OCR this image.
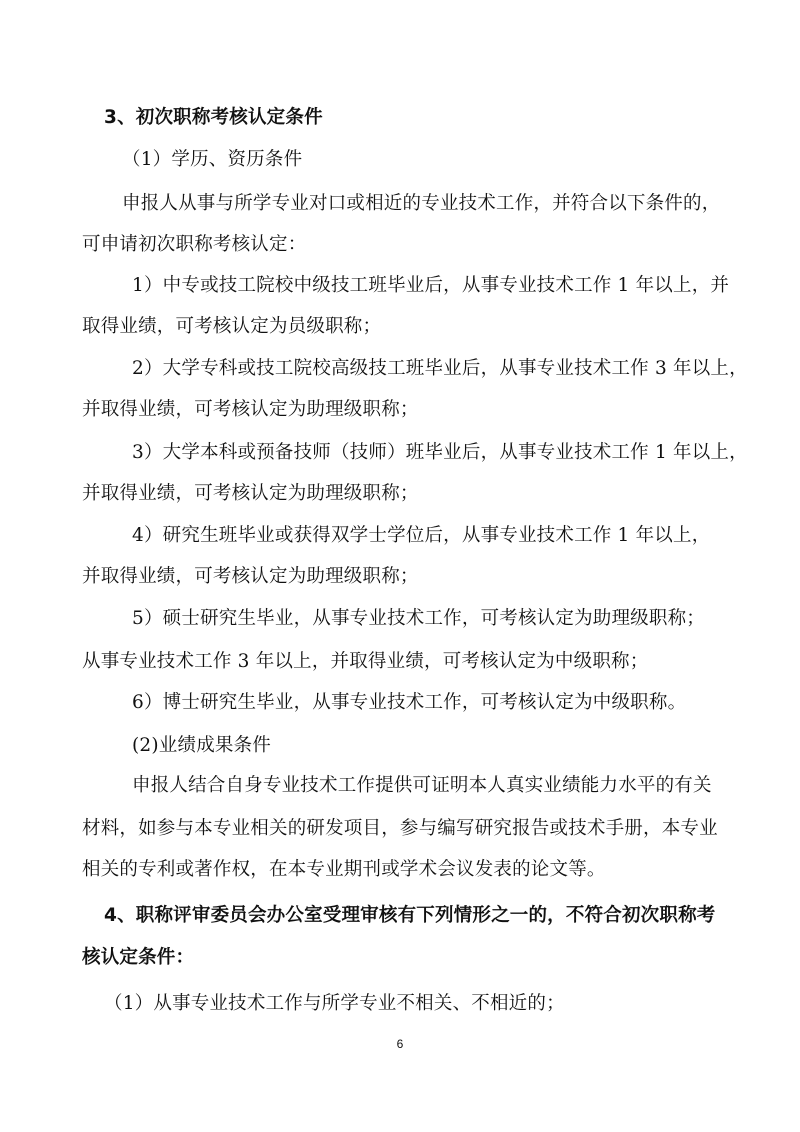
3、初次职称考核认定条件
（1）学历、资历条件
申报人从事与所学专业对口或相近的专业技术工作，并符合以下条件的，
可申请初次职称考核认定：
1）中专或技工院校中级技工班毕业后，从事专业技术工作 1 年以上，并
取得业绩，可考核认定为员级职称；
2）大学专科或技工院校高级技工班毕业后，从事专业技术工作 3 年以上，
并取得业绩，可考核认定为助理级职称；
3）大学本科或预备技师（技师）班毕业后，从事专业技术工作 1 年以上，
并取得业绩，可考核认定为助理级职称；
4）研究生班毕业或获得双学士学位后，从事专业技术工作 1 年以上，
并取得业绩，可考核认定为助理级职称；
5）硕士研究生毕业，从事专业技术工作，可考核认定为助理级职称；
从事专业技术工作 3 年以上，并取得业绩，可考核认定为中级职称；
6）博士研究生毕业，从事专业技术工作，可考核认定为中级职称。
(2)业绩成果条件
申报人结合自身专业技术工作提供可证明本人真实业绩能力水平的有关
材料，如参与本专业相关的研发项目，参与编写研究报告或技术手册，本专业
相关的专利或著作权，在本专业期刊或学术会议发表的论文等。
4、职称评审委员会办公室受理审核有下列情形之一的，不符合初次职称考
核认定条件：
（1）从事专业技术工作与所学专业不相关、不相近的；
6
